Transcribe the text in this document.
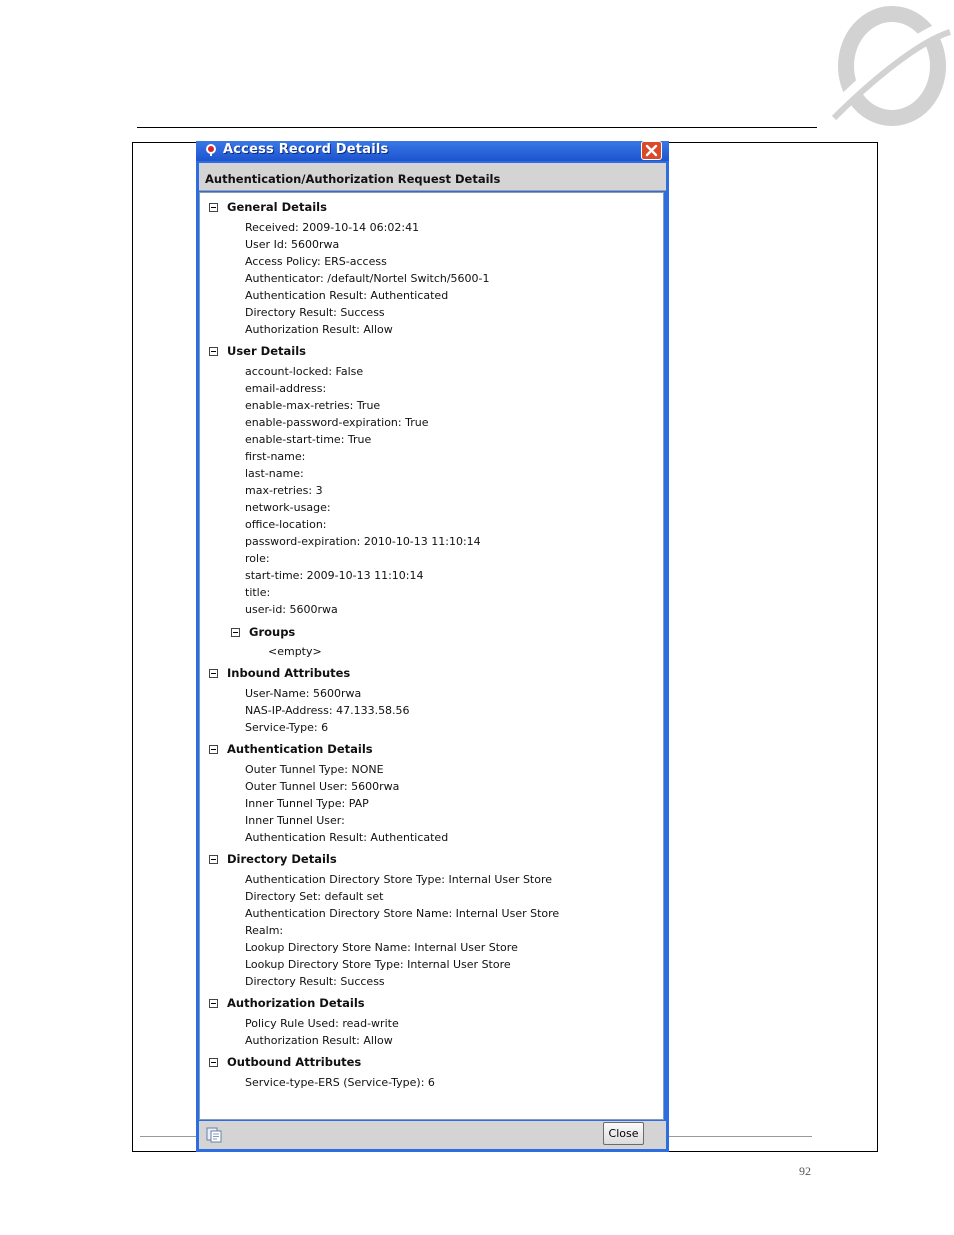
92
Access Record Details
Authentication/Authorization Request Details
General Details
Received: 2009-10-14 06:02:41
User Id: 5600rwa
Access Policy: ERS-access
Authenticator: /default/Nortel Switch/5600-1
Authentication Result: Authenticated
Directory Result: Success
Authorization Result: Allow
User Details
account-locked: False
email-address:
enable-max-retries: True
enable-password-expiration: True
enable-start-time: True
first-name:
last-name:
max-retries: 3
network-usage:
office-location:
password-expiration: 2010-10-13 11:10:14
role:
start-time: 2009-10-13 11:10:14
title:
user-id: 5600rwa
Groups
<empty>
Inbound Attributes
User-Name: 5600rwa
NAS-IP-Address: 47.133.58.56
Service-Type: 6
Authentication Details
Outer Tunnel Type: NONE
Outer Tunnel User: 5600rwa
Inner Tunnel Type: PAP
Inner Tunnel User:
Authentication Result: Authenticated
Directory Details
Authentication Directory Store Type: Internal User Store
Directory Set: default set
Authentication Directory Store Name: Internal User Store
Realm:
Lookup Directory Store Name: Internal User Store
Lookup Directory Store Type: Internal User Store
Directory Result: Success
Authorization Details
Policy Rule Used: read-write
Authorization Result: Allow
Outbound Attributes
Service-type-ERS (Service-Type): 6
Close
